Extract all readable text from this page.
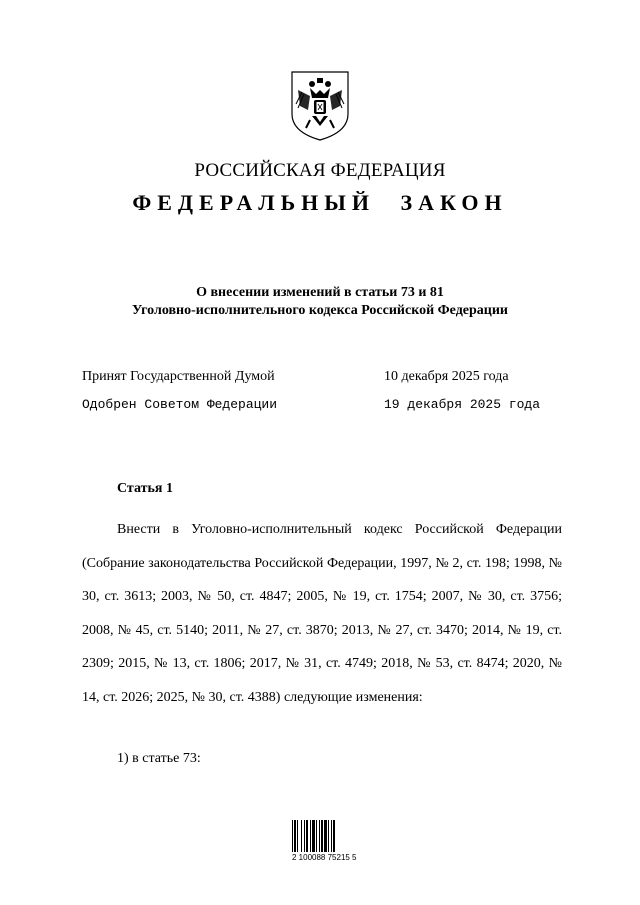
РОССИЙСКАЯ ФЕДЕРАЦИЯ
ФЕДЕРАЛЬНЫЙ ЗАКОН
О внесении изменений в статьи 73 и 81
Уголовно-исполнительного кодекса Российской Федерации
Принят Государственной Думой	10 декабря 2025 года
Одобрен Советом Федерации	19 декабря 2025 года
Статья 1
Внести в Уголовно-исполнительный кодекс Российской Федерации (Собрание законодательства Российской Федерации, 1997, № 2, ст. 198; 1998, № 30, ст. 3613; 2003, № 50, ст. 4847; 2005, № 19, ст. 1754; 2007, № 30, ст. 3756; 2008, № 45, ст. 5140; 2011, № 27, ст. 3870; 2013, № 27, ст. 3470; 2014, № 19, ст. 2309; 2015, № 13, ст. 1806; 2017, № 31, ст. 4749; 2018, № 53, ст. 8474; 2020, № 14, ст. 2026; 2025, № 30, ст. 4388) следующие изменения:
1) в статье 73:
2 100088 75215 5
